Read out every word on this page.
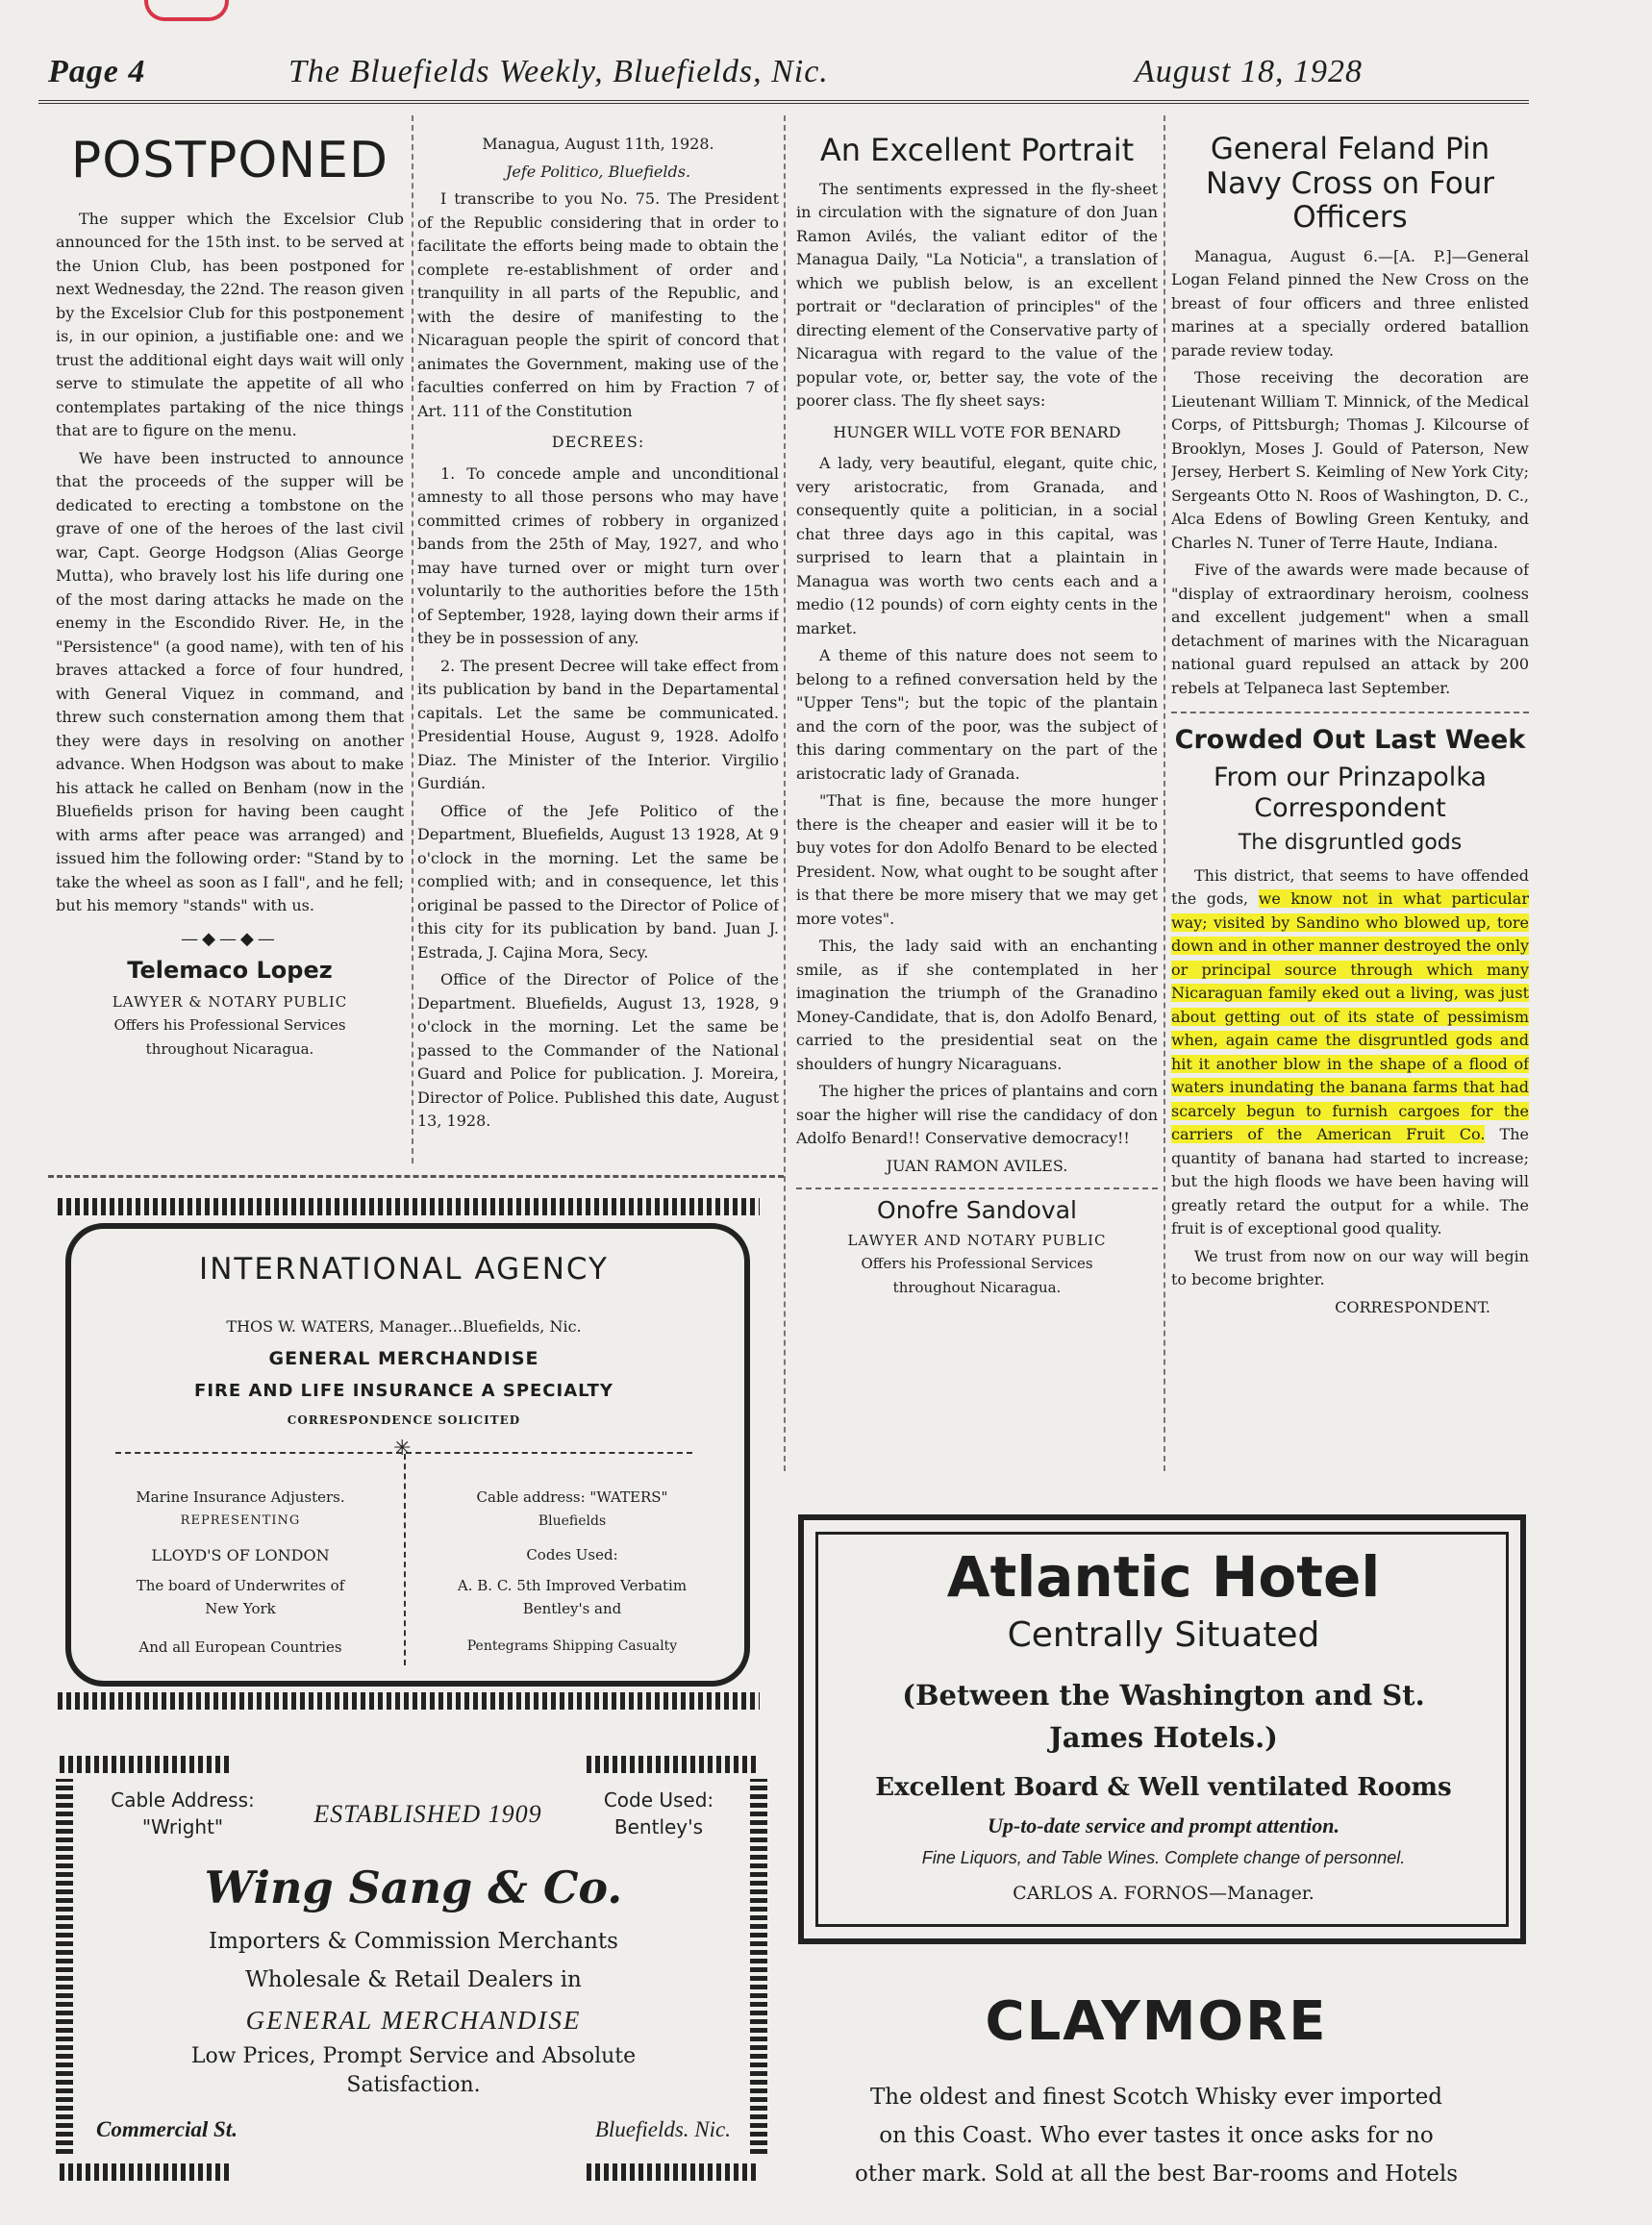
Page 4	The Bluefields Weekly, Bluefields, Nic.	August 18, 1928
POSTPONED

The supper which the Excelsior Club announced for the 15th inst. to be served at the Union Club, has been postponed for next Wednesday, the 22nd. The reason given by the Excelsior Club for this postponement is, in our opinion, a justifiable one: and we trust the additional eight days wait will only serve to stimulate the appetite of all who contemplates partaking of the nice things that are to figure on the menu.

We have been instructed to announce that the proceeds of the supper will be dedicated to erecting a tombstone on the grave of one of the heroes of the last civil war, Capt. George Hodgson (Alias George Mutta), who bravely lost his life during one of the most daring attacks he made on the enemy in the Escondido River. He, in the "Persistence" (a good name), with ten of his braves attacked a force of four hundred, with General Viquez in command, and threw such consternation among them that they were days in resolving on another advance. When Hodgson was about to make his attack he called on Benham (now in the Bluefields prison for having been caught with arms after peace was arranged) and issued him the following order: "Stand by to take the wheel as soon as I fall", and he fell; but his memory "stands" with us.

—◆—◆—
Telemaco Lopez
LAWYER & NOTARY PUBLIC
Offers his Professional Services throughout Nicaragua.

Managua, August 11th, 1928.

Jefe Politico, Bluefields.

I transcribe to you No. 75. The President of the Republic considering that in order to facilitate the efforts being made to obtain the complete re-establishment of order and tranquility in all parts of the Republic, and with the desire of manifesting to the Nicaraguan people the spirit of concord that animates the Government, making use of the faculties conferred on him by Fraction 7 of Art. 111 of the Constitution

DECREES:

1. To concede ample and unconditional amnesty to all those persons who may have committed crimes of robbery in organized bands from the 25th of May, 1927, and who may have turned over or might turn over voluntarily to the authorities before the 15th of September, 1928, laying down their arms if they be in possession of any.

2. The present Decree will take effect from its publication by band in the Departamental capitals. Let the same be communicated. Presidential House, August 9, 1928. Adolfo Diaz. The Minister of the Interior. Virgilio Gurdián.

Office of the Jefe Politico of the Department, Bluefields, August 13 1928, At 9 o'clock in the morning. Let the same be complied with; and in consequence, let this original be passed to the Director of Police of this city for its publication by band. Juan J. Estrada, J. Cajina Mora, Secy.

Office of the Director of Police of the Department. Bluefields, August 13, 1928, 9 o'clock in the morning. Let the same be passed to the Commander of the National Guard and Police for publication. J. Moreira, Director of Police. Published this date, August 13, 1928.

An Excellent Portrait

The sentiments expressed in the fly-sheet in circulation with the signature of don Juan Ramon Avilés, the valiant editor of the Managua Daily, "La Noticia", a translation of which we publish below, is an excellent portrait or "declaration of principles" of the directing element of the Conservative party of Nicaragua with regard to the value of the popular vote, or, better say, the vote of the poorer class. The fly sheet says:

HUNGER WILL VOTE FOR BENARD

A lady, very beautiful, elegant, quite chic, very aristocratic, from Granada, and consequently quite a politician, in a social chat three days ago in this capital, was surprised to learn that a plaintain in Managua was worth two cents each and a medio (12 pounds) of corn eighty cents in the market.

A theme of this nature does not seem to belong to a refined conversation held by the "Upper Tens"; but the topic of the plantain and the corn of the poor, was the subject of this daring commentary on the part of the aristocratic lady of Granada.

"That is fine, because the more hunger there is the cheaper and easier will it be to buy votes for don Adolfo Benard to be elected President. Now, what ought to be sought after is that there be more misery that we may get more votes".

This, the lady said with an enchanting smile, as if she contemplated in her imagination the triumph of the Granadino Money-Candidate, that is, don Adolfo Benard, carried to the presidential seat on the shoulders of hungry Nicaraguans.

The higher the prices of plantains and corn soar the higher will rise the candidacy of don Adolfo Benard!! Conservative democracy!!

JUAN RAMON AVILES.

Onofre Sandoval
LAWYER AND NOTARY PUBLIC
Offers his Professional Services throughout Nicaragua.
General Feland Pin Navy Cross on Four Officers

Managua, August 6.—[A. P.]—General Logan Feland pinned the New Cross on the breast of four officers and three enlisted marines at a specially ordered batallion parade review today.

Those receiving the decoration are Lieutenant William T. Minnick, of the Medical Corps, of Pittsburgh; Thomas J. Kilcourse of Brooklyn, Moses J. Gould of Paterson, New Jersey, Herbert S. Keimling of New York City; Sergeants Otto N. Roos of Washington, D. C., Alca Edens of Bowling Green Kentuky, and Charles N. Tuner of Terre Haute, Indiana.

Five of the awards were made because of "display of extraordinary heroism, coolness and excellent judgement" when a small detachment of marines with the Nicaraguan national guard repulsed an attack by 200 rebels at Telpaneca last September.

Crowded Out Last Week
From our Prinzapolka Correspondent
The disgruntled gods

This district, that seems to have offended the gods, we know not in what particular way; visited by Sandino who blowed up, tore down and in other manner destroyed the only or principal source through which many Nicaraguan family eked out a living, was just about getting out of its state of pessimism when, again came the disgruntled gods and hit it another blow in the shape of a flood of waters inundating the banana farms that had scarcely begun to furnish cargoes for the carriers of the American Fruit Co. The quantity of banana had started to increase; but the high floods we have been having will greatly retard the output for a while. The fruit is of exceptional good quality.

We trust from now on our way will begin to become brighter.

CORRESPONDENT.

INTERNATIONAL AGENCY
THOS W. WATERS, Manager...Bluefields, Nic.
GENERAL MERCHANDISE
FIRE AND LIFE INSURANCE A SPECIALTY
CORRESPONDENCE SOLICITED
✳
Marine Insurance Adjusters.
REPRESENTING
LLOYD'S OF LONDON
The board of Underwrites of
New York
And all European Countries
Cable address: "WATERS"
Bluefields
Codes Used:
A. B. C. 5th Improved Verbatim
Bentley's and
Pentegrams Shipping Casualty
Cable Address:
"Wright"	ESTABLISHED 1909	Code Used:
Bentley's
Wing Sang & Co.
Importers & Commission Merchants
Wholesale & Retail Dealers in
GENERAL MERCHANDISE
Low Prices, Prompt Service and Absolute
Satisfaction.
Commercial St.	Bluefields. Nic.
Atlantic Hotel
Centrally Situated
(Between the Washington and St.
James Hotels.)
Excellent Board & Well ventilated Rooms
Up-to-date service and prompt attention.
Fine Liquors, and Table Wines. Complete change of personnel.
CARLOS A. FORNOS—Manager.
CLAYMORE
The oldest and finest Scotch Whisky ever imported
on this Coast. Who ever tastes it once asks for no
other mark. Sold at all the best Bar-rooms and Hotels
